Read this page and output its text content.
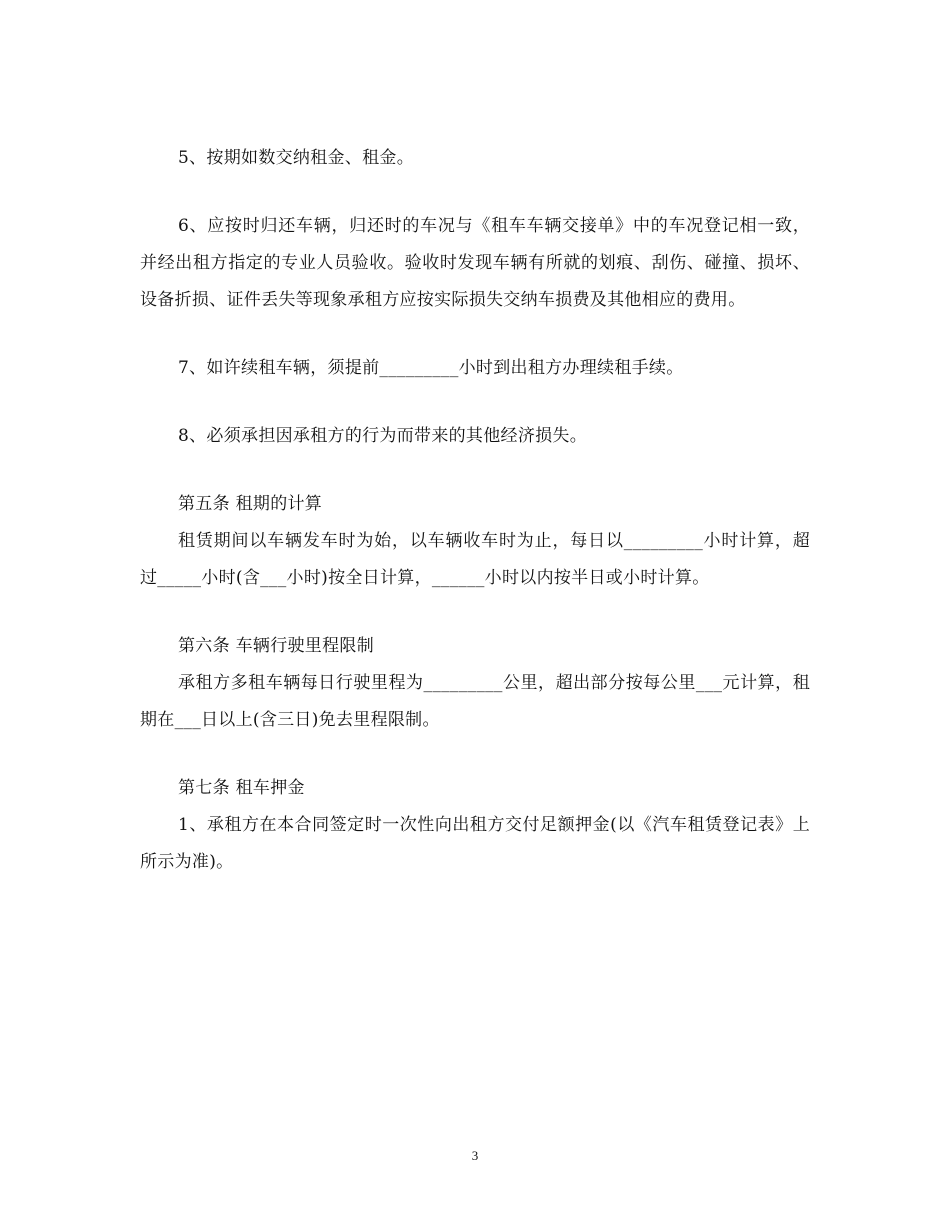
5、按期如数交纳租金、租金。

6、应按时归还车辆，归还时的车况与《租车车辆交接单》中的车况登记相一致，并经出租方指定的专业人员验收。验收时发现车辆有所就的划痕、刮伤、碰撞、损坏、设备折损、证件丢失等现象承租方应按实际损失交纳车损费及其他相应的费用。

7、如许续租车辆，须提前_________小时到出租方办理续租手续。

8、必须承担因承租方的行为而带来的其他经济损失。

第五条 租期的计算

租赁期间以车辆发车时为始，以车辆收车时为止，每日以_________小时计算，超过_____小时(含___小时)按全日计算，______小时以内按半日或小时计算。

第六条 车辆行驶里程限制

承租方多租车辆每日行驶里程为_________公里，超出部分按每公里___元计算，租期在___日以上(含三日)免去里程限制。

第七条 租车押金

1、承租方在本合同签定时一次性向出租方交付足额押金(以《汽车租赁登记表》上所示为准)。

3
